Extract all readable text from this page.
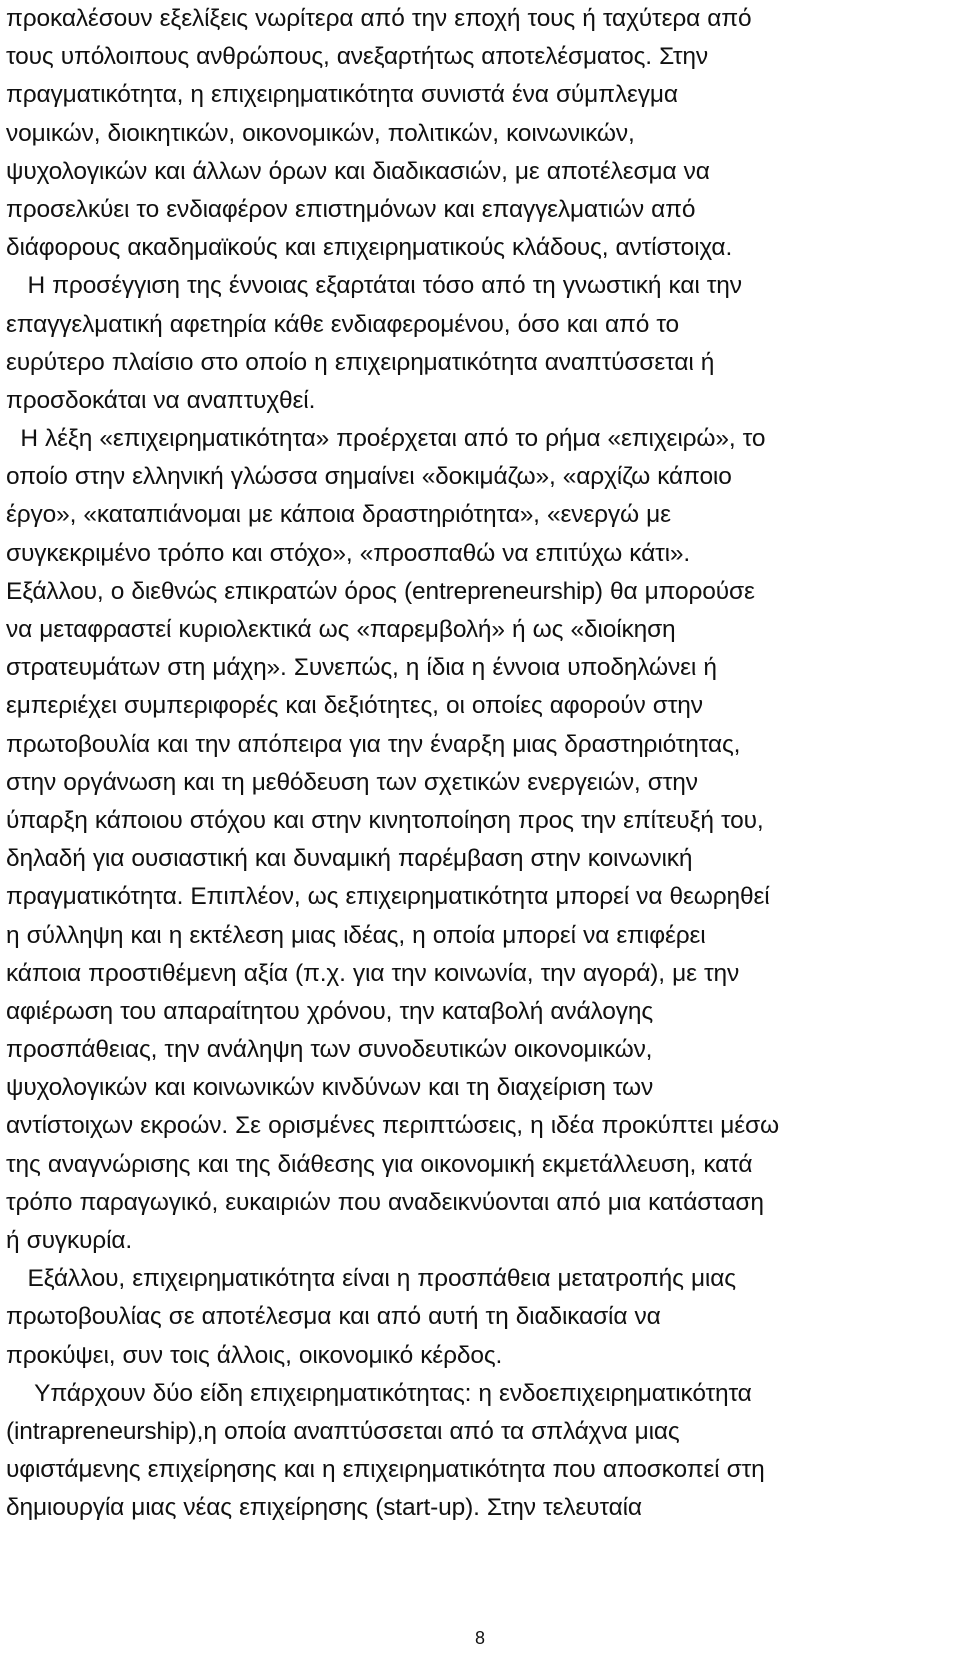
προκαλέσουν εξελίξεις νωρίτερα από την εποχή τους ή ταχύτερα από
τους υπόλοιπους ανθρώπους, ανεξαρτήτως αποτελέσματος. Στην
πραγματικότητα, η επιχειρηματικότητα συνιστά ένα σύμπλεγμα
νομικών, διοικητικών, οικονομικών, πολιτικών, κοινωνικών,
ψυχολογικών και άλλων όρων και διαδικασιών, με αποτέλεσμα να
προσελκύει το ενδιαφέρον επιστημόνων και επαγγελματιών από
διάφορους ακαδημαϊκούς και επιχειρηματικούς κλάδους, αντίστοιχα.
Η προσέγγιση της έννοιας εξαρτάται τόσο από τη γνωστική και την
επαγγελματική αφετηρία κάθε ενδιαφερομένου, όσο και από το
ευρύτερο πλαίσιο στο οποίο η επιχειρηματικότητα αναπτύσσεται ή
προσδοκάται να αναπτυχθεί.
Η λέξη «επιχειρηματικότητα» προέρχεται από το ρήμα «επιχειρώ», το
οποίο στην ελληνική γλώσσα σημαίνει «δοκιμάζω», «αρχίζω κάποιο
έργο», «καταπιάνομαι με κάποια δραστηριότητα», «ενεργώ με
συγκεκριμένο τρόπο και στόχο», «προσπαθώ να επιτύχω κάτι».
Εξάλλου, ο διεθνώς επικρατών όρος (entrepreneurship) θα μπορούσε
να μεταφραστεί κυριολεκτικά ως «παρεμβολή» ή ως «διοίκηση
στρατευμάτων στη μάχη». Συνεπώς, η ίδια η έννοια υποδηλώνει ή
εμπεριέχει συμπεριφορές και δεξιότητες, οι οποίες αφορούν στην
πρωτοβουλία και την απόπειρα για την έναρξη μιας δραστηριότητας,
στην οργάνωση και τη μεθόδευση των σχετικών ενεργειών, στην
ύπαρξη κάποιου στόχου και στην κινητοποίηση προς την επίτευξή του,
δηλαδή για ουσιαστική και δυναμική παρέμβαση στην κοινωνική
πραγματικότητα. Επιπλέον, ως επιχειρηματικότητα μπορεί να θεωρηθεί
η σύλληψη και η εκτέλεση μιας ιδέας, η οποία μπορεί να επιφέρει
κάποια προστιθέμενη αξία (π.χ. για την κοινωνία, την αγορά), με την
αφιέρωση του απαραίτητου χρόνου, την καταβολή ανάλογης
προσπάθειας, την ανάληψη των συνοδευτικών οικονομικών,
ψυχολογικών και κοινωνικών κινδύνων και τη διαχείριση των
αντίστοιχων εκροών. Σε ορισμένες περιπτώσεις, η ιδέα προκύπτει μέσω
της αναγνώρισης και της διάθεσης για οικονομική εκμετάλλευση, κατά
τρόπο παραγωγικό, ευκαιριών που αναδεικνύονται από μια κατάσταση
ή συγκυρία.
Εξάλλου, επιχειρηματικότητα είναι η προσπάθεια μετατροπής μιας
πρωτοβουλίας σε αποτέλεσμα και από αυτή τη διαδικασία να
προκύψει, συν τοις άλλοις, οικονομικό κέρδος.
Υπάρχουν δύο είδη επιχειρηματικότητας: η ενδοεπιχειρηματικότητα
(intrapreneurship),η οποία αναπτύσσεται από τα σπλάχνα μιας
υφιστάμενης επιχείρησης και η επιχειρηματικότητα που αποσκοπεί στη
δημιουργία μιας νέας επιχείρησης (start-up). Στην τελευταία
8
